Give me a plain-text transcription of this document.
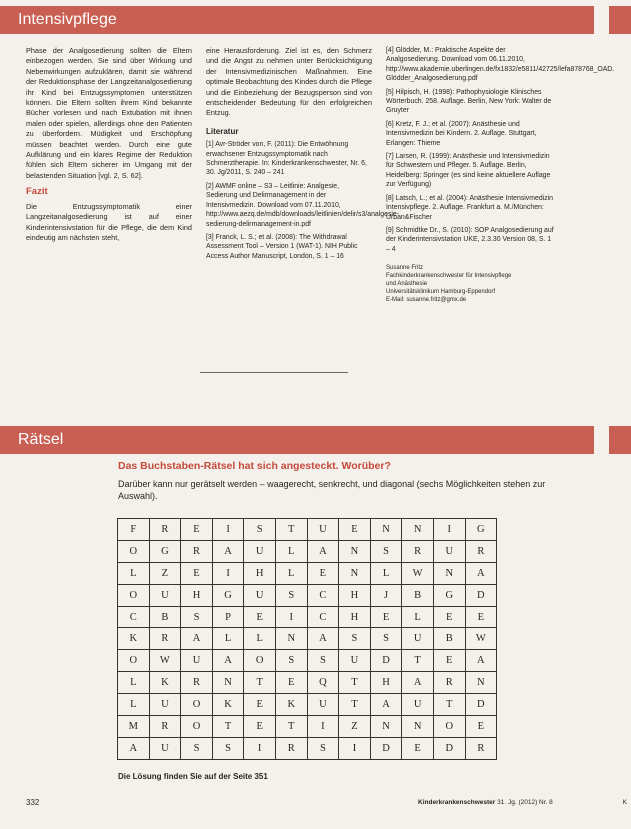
Intensivpflege

Phase der Analgosedierung sollten die Eltern einbezogen werden. Sie sind über Wirkung und Nebenwirkungen aufzuklären, damit sie während der Reduktionsphase der Langzeitanalgosedierung ihr Kind bei Entzugssymptomen unterstützen können. Die Eltern sollten ihrem Kind bekannte Bücher vorlesen und nach Extubation mit ihnen malen oder spielen, allerdings ohne den Patienten zu überfordern. Müdigkeit und Erschöpfung müssen beachtet werden. Durch eine gute Aufklärung und ein klares Regime der Reduktion fühlen sich Eltern sicherer im Umgang mit der belastenden Situation [vgl. 2, S. 62].

Fazit

Die Entzugssymptomatik einer Langzeitanalgosedierung ist auf einer Kinderintensivstation für die Pflege, die dem Kind eindeutig am nächsten steht,

eine Herausforderung. Ziel ist es, den Schmerz und die Angst zu nehmen unter Berücksichtigung der Intensivmedizinischen Maßnahmen. Eine optimale Beobachtung des Kindes durch die Pflege und die Einbeziehung der Bezugsperson sind von entscheidender Bedeutung für den erfolgreichen Entzug.

Literatur

[1] Avr-Ströder von, F. (2011): Die Entwöhnung erwachsener Entzugssymptomatik nach Schmerztherapie. In: Kinderkrankenschwester, Nr. 6, 30. Jg/2011, S. 240 – 241

[2] AWMF online – S3 – Leitlinie: Analgesie, Sedierung und Delirmanagement in der Intensivmedizin. Download vom 07.11.2010, http://www.aezq.de/mdb/downloads/leitlinien/delir/s3/analgesie-sedierung-delirmanagement-in.pdf

[3] Franck, L. S.; et al. (2008): The Withdrawal Assessment Tool – Version 1 (WAT-1). NIH Public Access Author Manuscript, London, S. 1 – 16

[4] Glödder, M.: Praktische Aspekte der Analgosedierung. Download vom 06.11.2010, http://www.akademie.uberlingen.de/fx1832/e5811/42725/lefa878768_OAD. Glödder_Analgosedierung.pdf

[5] Hilpisch, H. (1998): Pathophysiologie Klinisches Wörterbuch. 258. Auflage. Berlin, New York: Walter de Gruyter

[6] Kretz, F. J.; et al. (2007): Anästhesie und Intensivmedizin bei Kindern. 2. Auflage. Stuttgart, Erlangen: Thieme

[7] Larsen, R. (1999): Anästhesie und Intensivmedizin für Schwestern und Pfleger. 5. Auflage. Berlin, Heidelberg: Springer (es sind keine aktuellere Auflage zur Verfügung)

[8] Latsch, L.; et al. (2004): Anästhesie Intensivmedizin Intensivpflege. 2. Auflage. Frankfurt a. M./München: Urban&Fischer

[9] Schmidtke Dr., S. (2010): SOP Analgosedierung auf der Kinderintensivstation UKE, 2.3.30 Version 08, S. 1 – 4

Susanne Fritz
Fachkinderkrankenschwester für Intensivpflege
und Anästhesie
Universitätsklinikum Hamburg-Eppendorf
E-Mail: susanne.fritz@gmx.de
Rätsel
Das Buchstaben-Rätsel hat sich angesteckt. Worüber?
Darüber kann nur gerätselt werden – waagerecht, senkrecht, und diagonal (sechs Möglichkeiten stehen zur Auswahl).
F	R	E	I	S	T	U	E	N	N	I	G
O	G	R	A	U	L	A	N	S	R	U	R
L	Z	E	I	H	L	E	N	L	W	N	A
O	U	H	G	U	S	C	H	J	B	G	D
C	B	S	P	E	I	C	H	E	L	E	E
K	R	A	L	L	N	A	S	S	U	B	W
O	W	U	A	O	S	S	U	D	T	E	A
L	K	R	N	T	E	Q	T	H	A	R	N
L	U	O	K	E	K	U	T	A	U	T	D
M	R	O	T	E	T	I	Z	N	N	O	E
A	U	S	S	I	R	S	I	D	E	D	R
Die Lösung finden Sie auf der Seite 351
332	Kinderkrankenschwester 31. Jg. (2012) Nr. 8	K
